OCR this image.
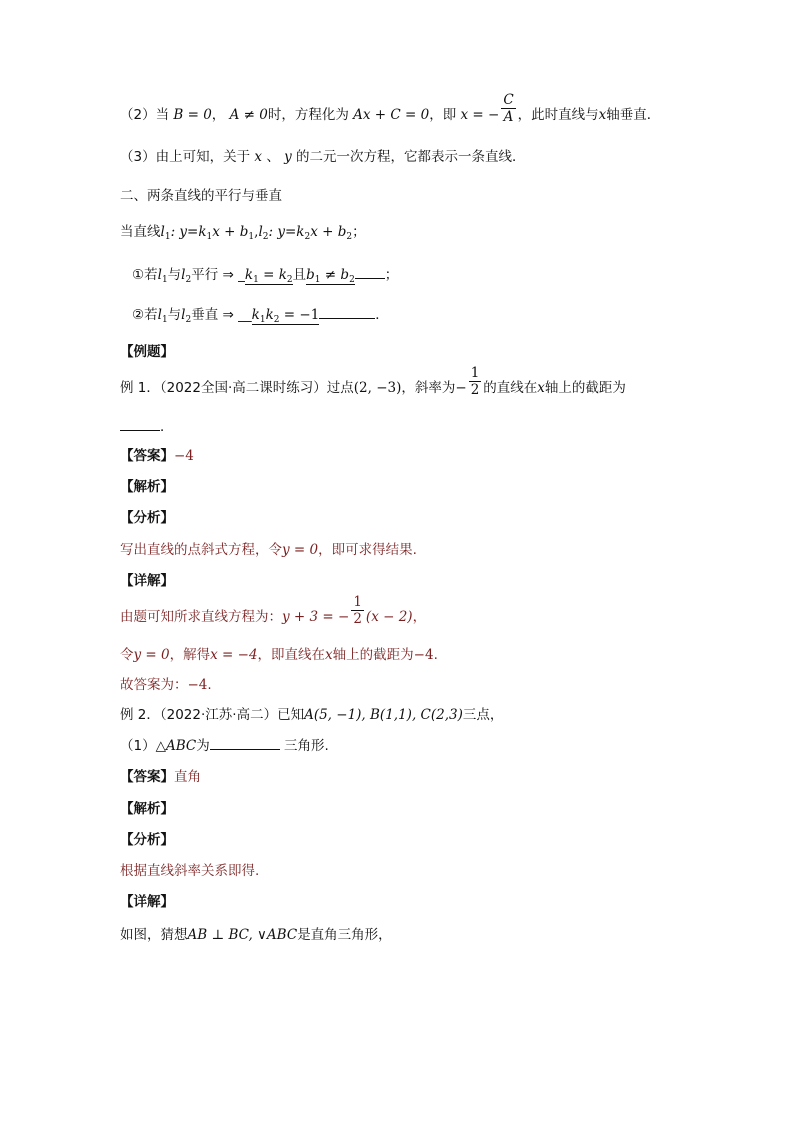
（2）当 B = 0， A ≠ 0时，方程化为 Ax + C = 0，即 x = − $\frac{C}{A}$ ，此时直线与x轴垂直．
（3）由上可知，关于 x 、 y 的二元一次方程，它都表示一条直线．
二、两条直线的平行与垂直
当直线$l_1$: $y=k_1x + b_1,l_2$: $y=k_2x + b_2$；
①若$l_1$与$l_2$平行 ⇒ $\_k_1 = k_2$且$b_1 \ne b_2$ ；
②若$l_1$与$l_2$垂直 ⇒ $\_\_k_1k_2 = -1$	．
【例题】
例 1．（2022全国·高二课时练习）过点(2, −3)，斜率为− $\frac{1}{2}$ 的直线在x轴上的截距为
．
【答案】−4
【解析】
【分析】
写出直线的点斜式方程，令y = 0，即可求得结果.
【详解】
由题可知所求直线方程为：y + 3 = − $\frac{1}{2} (x - 2)$，
令y = 0，解得x = −4，即直线在x轴上的截距为−4.
故答案为：−4.
例 2．（2022·江苏·高二）已知A(5, −1), B(1,1), C(2,3)三点，
（1）△ABC为	三角形.
【答案】直角
【解析】
【分析】
根据直线斜率关系即得.
【详解】
如图，猜想AB ⊥ BC, ∨ABC是直角三角形，
